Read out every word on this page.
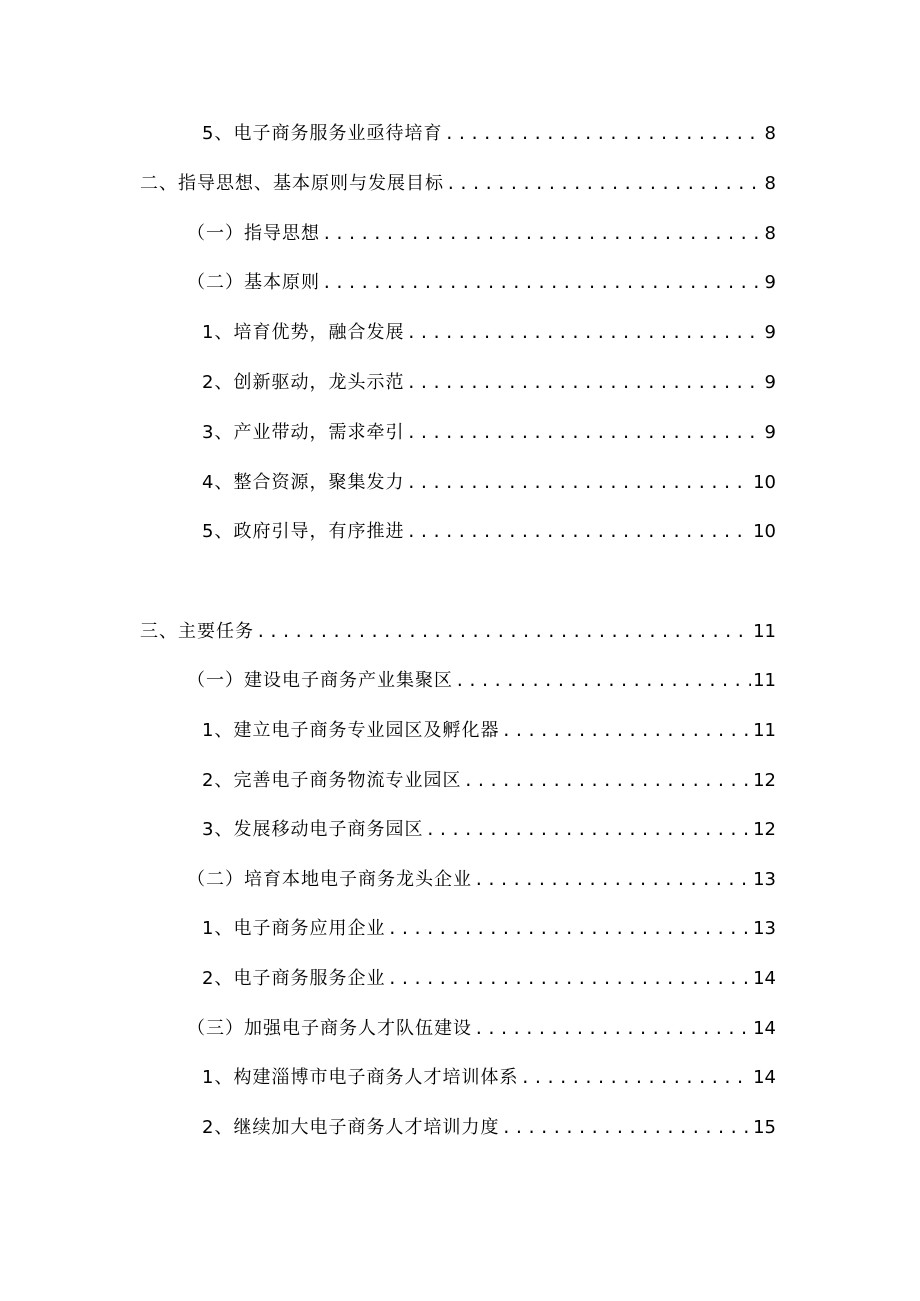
5、电子商务服务业亟待培育 .....	8
二、指导思想、基本原则与发展目标 .....	8
（一）指导思想 .....	8
（二）基本原则 .....	9
1、培育优势，融合发展 .....	9
2、创新驱动，龙头示范 .....	9
3、产业带动，需求牵引 .....	9
4、整合资源，聚集发力 .....	10
5、政府引导，有序推进 .....	10
三、主要任务 .....	11
（一）建设电子商务产业集聚区 .....	11
1、建立电子商务专业园区及孵化器 .....	11
2、完善电子商务物流专业园区 .....	12
3、发展移动电子商务园区 .....	12
（二）培育本地电子商务龙头企业 .....	13
1、电子商务应用企业 .....	13
2、电子商务服务企业 .....	14
（三）加强电子商务人才队伍建设 .....	14
1、构建淄博市电子商务人才培训体系 .....	14
2、继续加大电子商务人才培训力度 .....	15
